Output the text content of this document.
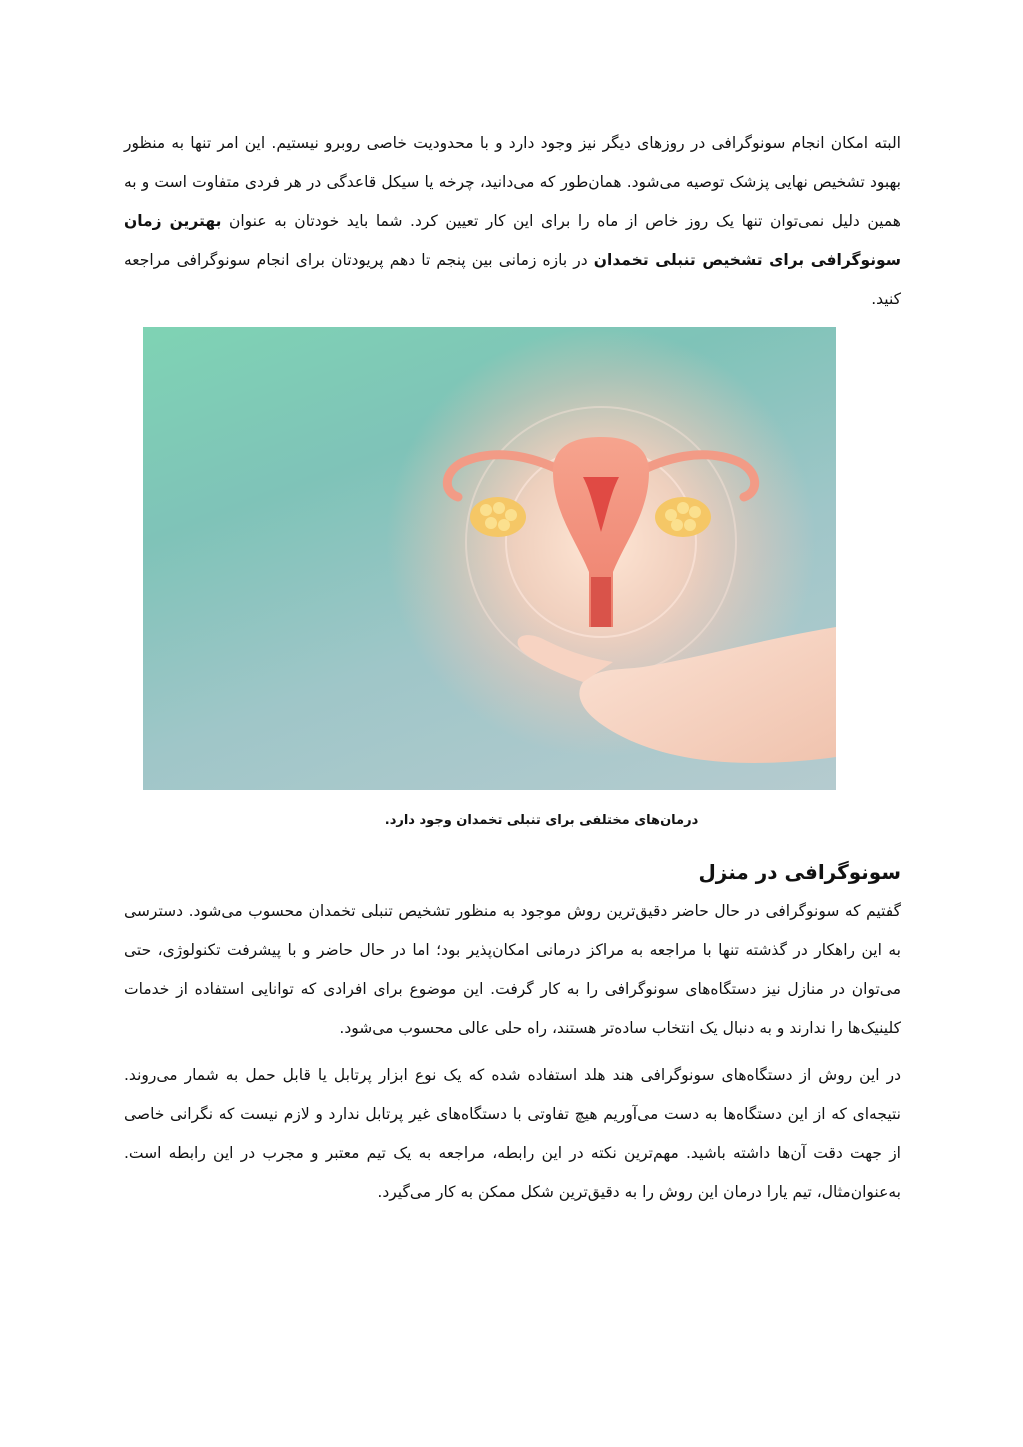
البته امکان انجام سونوگرافی در روزهای دیگر نیز وجود دارد و با محدودیت خاصی روبرو نیستیم. این امر تنها به منظور بهبود تشخیص نهایی پزشک توصیه می‌شود. همان‌طور که می‌دانید، چرخه یا سیکل قاعدگی در هر فردی متفاوت است و به همین دلیل نمی‌توان تنها یک روز خاص از ماه را برای این کار تعیین کرد. شما باید خودتان به عنوان بهترین زمان سونوگرافی برای تشخیص تنبلی تخمدان در بازه زمانی بین پنجم تا دهم پریودتان برای انجام سونوگرافی مراجعه کنید.

درمان‌های مختلفی برای تنبلی تخمدان وجود دارد.
سونوگرافی در منزل

گفتیم که سونوگرافی در حال حاضر دقیق‌ترین روش موجود به منظور تشخیص تنبلی تخمدان محسوب می‌شود. دسترسی به این راهکار در گذشته تنها با مراجعه به مراکز درمانی امکان‌پذیر بود؛ اما در حال حاضر و با پیشرفت تکنولوژی، حتی می‌توان در منازل نیز دستگاه‌های سونوگرافی را به کار گرفت. این موضوع برای افرادی که توانایی استفاده از خدمات کلینیک‌ها را ندارند و به دنبال یک انتخاب ساده‌تر هستند، راه حلی عالی محسوب می‌شود.

در این روش از دستگاه‌های سونوگرافی هند هلد استفاده شده که یک نوع ابزار پرتابل یا قابل حمل به شمار می‌روند. نتیجه‌ای که از این دستگاه‌ها به دست می‌آوریم هیچ تفاوتی با دستگاه‌های غیر پرتابل ندارد و لازم نیست که نگرانی خاصی از جهت دقت آن‌ها داشته باشید. مهم‌ترین نکته در این رابطه، مراجعه به یک تیم معتبر و مجرب در این رابطه است. به‌عنوان‌مثال، تیم یارا درمان این روش را به دقیق‌ترین شکل ممکن به کار می‌گیرد.
